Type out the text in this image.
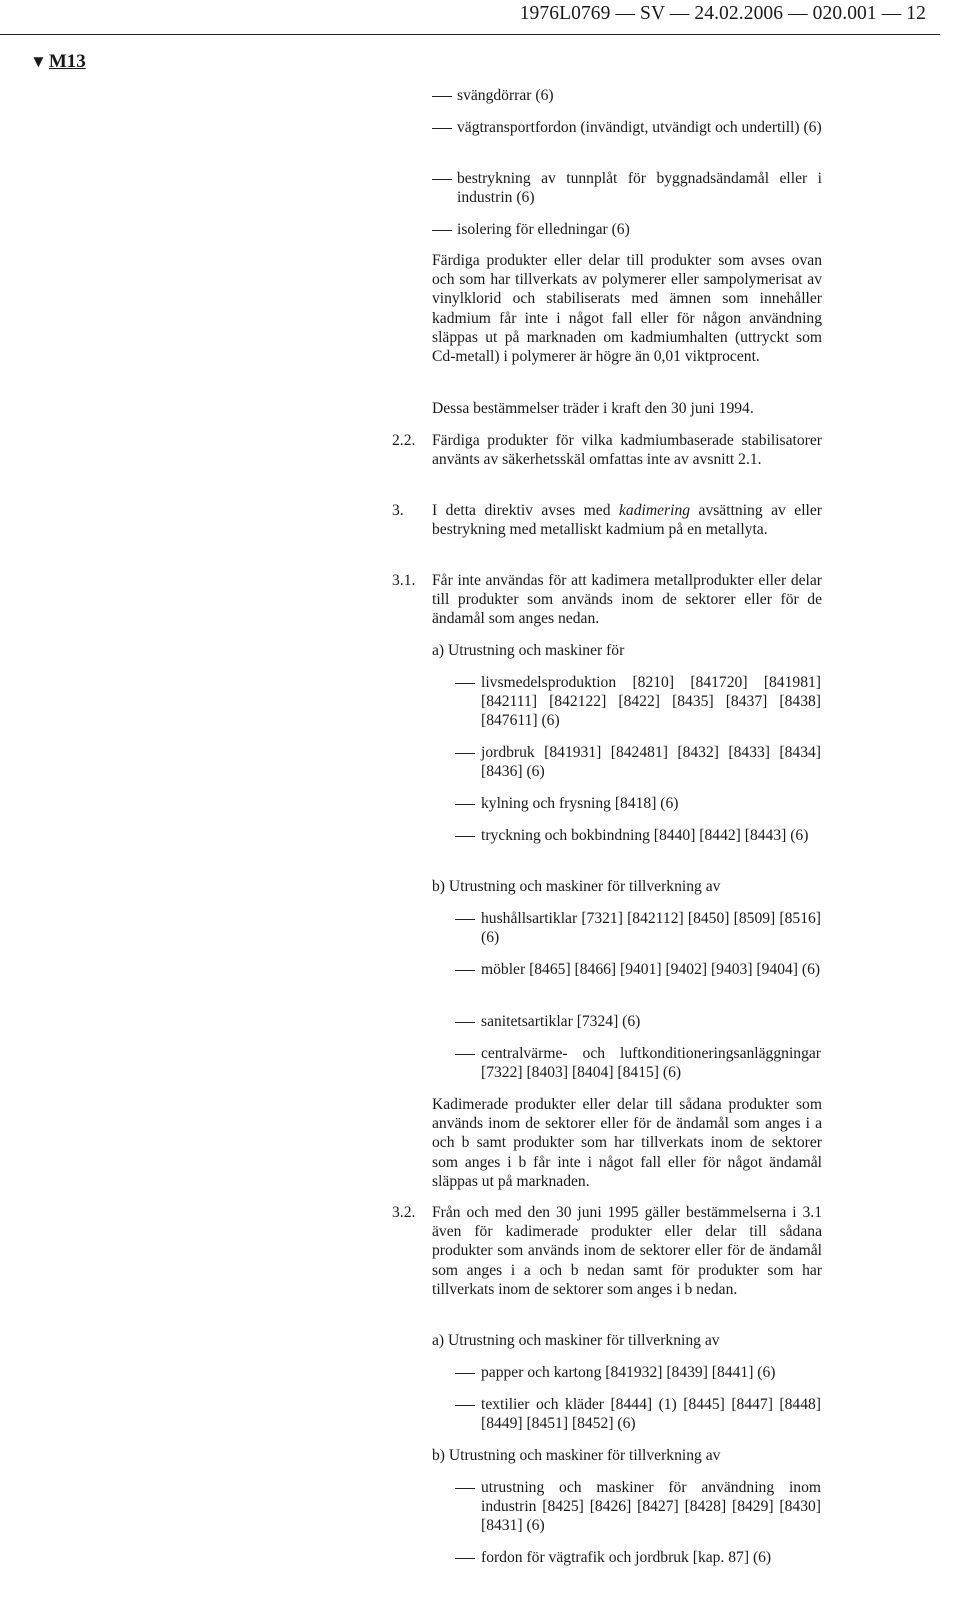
1976L0769 — SV — 24.02.2006 — 020.001 — 12
▼ M13

svängdörrar (6)

vägtransportfordon (invändigt, utvändigt och undertill) (6)

bestrykning av tunnplåt för byggnadsändamål eller i industrin (6)

isolering för elledningar (6)

Färdiga produkter eller delar till produkter som avses ovan och som har tillverkats av polymerer eller sampolymerisat av vinylklorid och stabiliserats med ämnen som innehåller kadmium får inte i något fall eller för någon användning släppas ut på marknaden om kadmiumhalten (uttryckt som Cd-metall) i polymerer är högre än 0,01 viktprocent.

Dessa bestämmelser träder i kraft den 30 juni 1994.

2.2. Färdiga produkter för vilka kadmiumbaserade stabilisatorer använts av säkerhetsskäl omfattas inte av avsnitt 2.1.

3. I detta direktiv avses med kadimering avsättning av eller bestrykning med metalliskt kadmium på en metallyta.

3.1. Får inte användas för att kadimera metallprodukter eller delar till produkter som används inom de sektorer eller för de ändamål som anges nedan.

a) Utrustning och maskiner för

livsmedelsproduktion [8210] [841720] [841981] [842111] [842122] [8422] [8435] [8437] [8438] [847611] (6)

jordbruk [841931] [842481] [8432] [8433] [8434] [8436] (6)

kylning och frysning [8418] (6)

tryckning och bokbindning [8440] [8442] [8443] (6)

b) Utrustning och maskiner för tillverkning av

hushållsartiklar [7321] [842112] [8450] [8509] [8516] (6)

möbler [8465] [8466] [9401] [9402] [9403] [9404] (6)

sanitetsartiklar [7324] (6)

centralvärme- och luftkonditioneringsanläggningar [7322] [8403] [8404] [8415] (6)

Kadimerade produkter eller delar till sådana produkter som används inom de sektorer eller för de ändamål som anges i a och b samt produkter som har tillverkats inom de sektorer som anges i b får inte i något fall eller för något ändamål släppas ut på marknaden.

3.2. Från och med den 30 juni 1995 gäller bestämmelserna i 3.1 även för kadimerade produkter eller delar till sådana produkter som används inom de sektorer eller för de ändamål som anges i a och b nedan samt för produkter som har tillverkats inom de sektorer som anges i b nedan.

a) Utrustning och maskiner för tillverkning av

papper och kartong [841932] [8439] [8441] (6)

textilier och kläder [8444] (1) [8445] [8447] [8448] [8449] [8451] [8452] (6)

b) Utrustning och maskiner för tillverkning av

utrustning och maskiner för användning inom industrin [8425] [8426] [8427] [8428] [8429] [8430] [8431] (6)

fordon för vägtrafik och jordbruk [kap. 87] (6)
